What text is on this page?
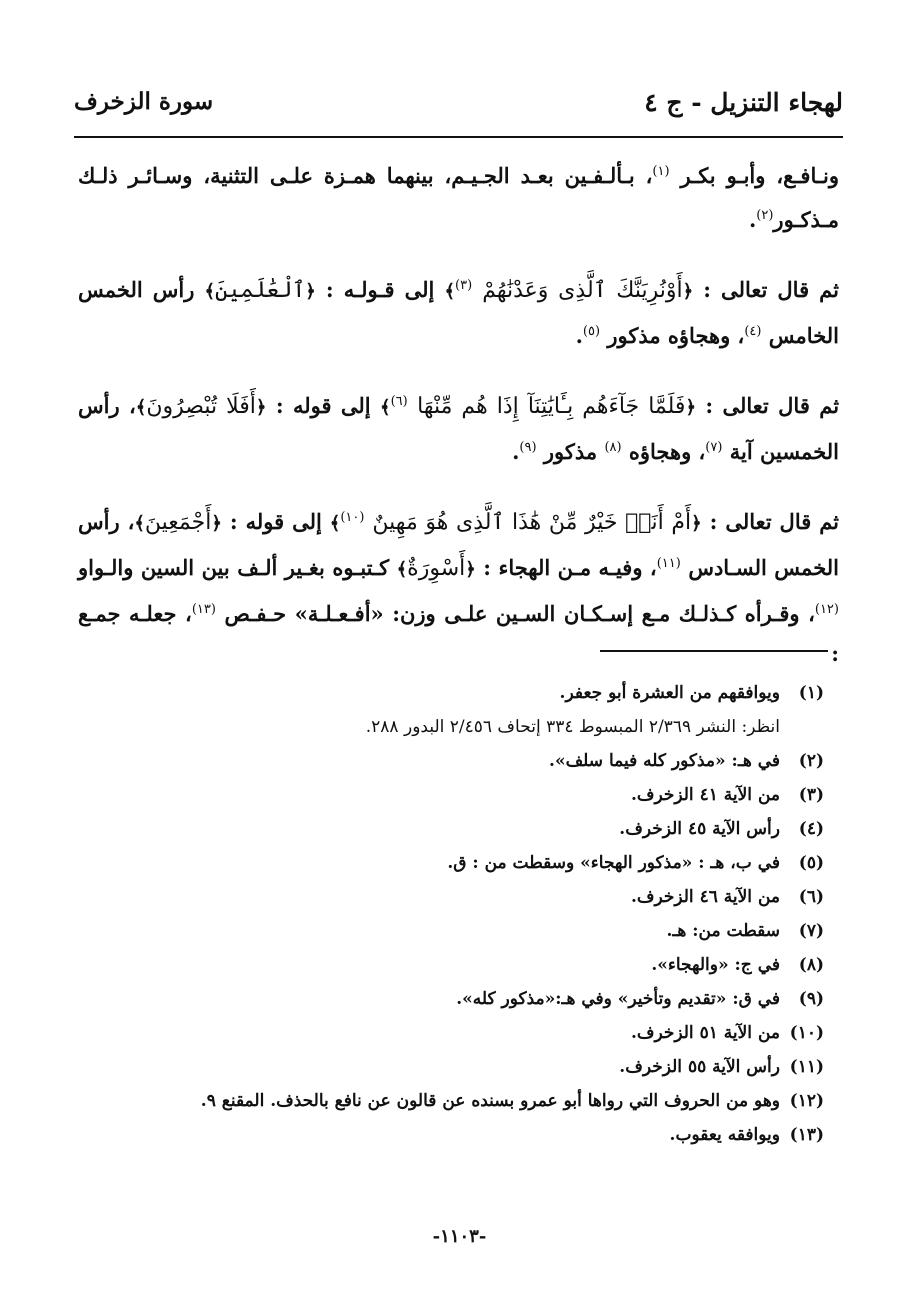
لهجاء التنزيل - ج ٤
سورة الزخرف

ونـافـع، وأبـو بكـر $^{(١)}$، بـألـفـين بعـد الجـيـم، بينهما همـزة علـى التثنية، وسـائـر ذلـك مـذكـور$^{(٢)}$.

ثم قال تعالى : ﴿أَوْنُرِيَنَّكَ ٱلَّذِى وَعَدْنَٰهُمْ $^{(٣)}$﴾ إلى قـولـه : ﴿ٱلْعَٰلَمِينَ﴾ رأس الخمس الخامس $^{(٤)}$، وهجاؤه مذكور $^{(٥)}$.

ثم قال تعالى : ﴿فَلَمَّا جَآءَهُم بِـَٔايَٰتِنَآ إِذَا هُم مِّنْهَا $^{(٦)}$﴾ إلى قوله : ﴿أَفَلَا تُبْصِرُونَ﴾، رأس الخمسين آية $^{(٧)}$، وهجاؤه $^{(٨)}$ مذكور $^{(٩)}$.

ثم قال تعالى : ﴿أَمْ أَنَا۠ خَيْرٌ مِّنْ هَٰذَا ٱلَّذِى هُوَ مَهِينٌ $^{(١٠)}$﴾ إلى قوله : ﴿أَجْمَعِينَ﴾، رأس الخمس السـادس $^{(١١)}$، وفيـه مـن الهجاء : ﴿أَسْوِرَةٌ﴾ كـتبـوه بغـير ألـف بين السين والـواو $^{(١٢)}$، وقـرأه كـذلـك مـع إسـكـان السـين علـى وزن: «أفـعـلـة» حـفـص $^{(١٣)}$، جعلـه جمـع :

(١)ويوافقهم من العشرة أبو جعفر.
انظر: النشر ٢/٣٦٩ المبسوط ٣٣٤ إتحاف ٢/٤٥٦ البدور ٢٨٨.
(٢)في هـ: «مذكور كله فيما سلف».
(٣)من الآية ٤١ الزخرف.
(٤)رأس الآية ٤٥ الزخرف.
(٥)في ب، هـ : «مذكور الهجاء» وسقطت من : ق.
(٦)من الآية ٤٦ الزخرف.
(٧)سقطت من: هـ.
(٨)في ج: «والهجاء».
(٩)في ق: «تقديم وتأخير» وفي هـ:«مذكور كله».
(١٠)من الآية ٥١ الزخرف.
(١١)رأس الآية ٥٥ الزخرف.
(١٢)وهو من الحروف التي رواها أبو عمرو بسنده عن قالون عن نافع بالحذف. المقنع ٩.
(١٣)ويوافقه يعقوب.
-١١٠٣-
